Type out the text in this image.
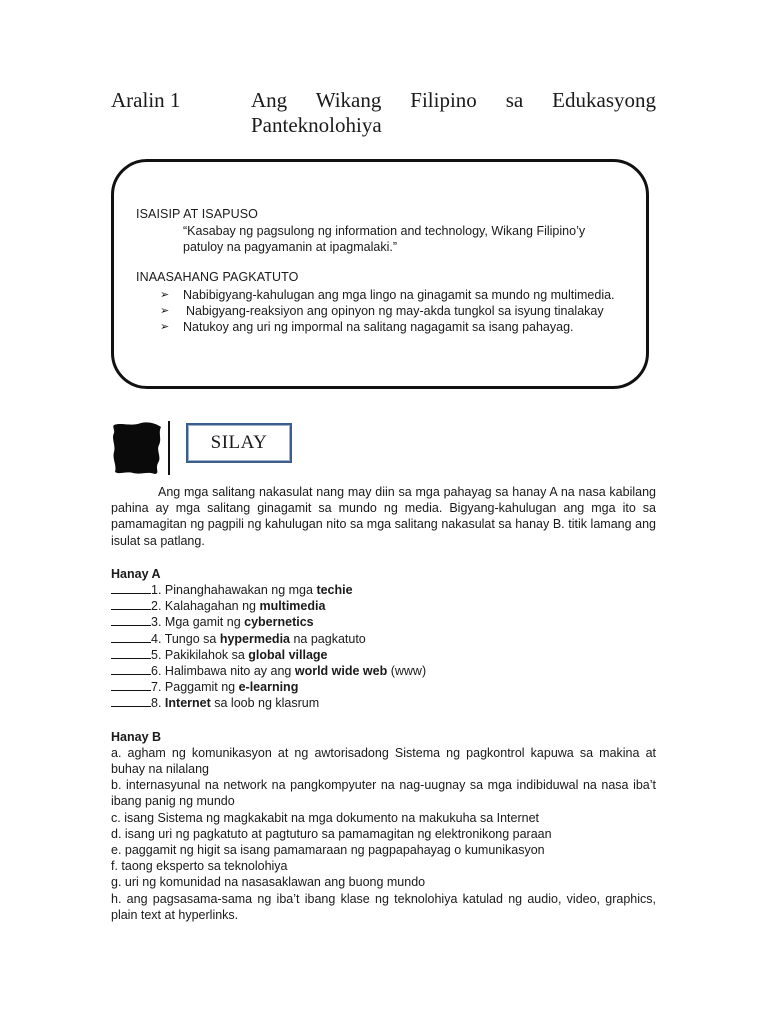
Aralin 1	Ang Wikang Filipino sa Edukasyong
Panteknolohiya
ISAISIP AT ISAPUSO

“Kasabay ng pagsulong ng information and technology, Wikang Filipino’y
patuloy na pagyamanin at ipagmalaki.”

INAASAHANG PAGKATUTO
➢ Nabibigyang-kahulugan ang mga lingo na ginagamit sa mundo ng multimedia.
➢ Nabigyang-reaksiyon ang opinyon ng may-akda tungkol sa isyung tinalakay
➢ Natukoy ang uri ng impormal na salitang nagagamit sa isang pahayag.
SILAY

Ang mga salitang nakasulat nang may diin sa mga pahayag sa hanay A na nasa kabilang pahina ay mga salitang ginagamit sa mundo ng media. Bigyang-kahulugan ang mga ito sa pamamagitan ng pagpili ng kahulugan nito sa mga salitang nakasulat sa hanay B. titik lamang ang isulat sa patlang.

Hanay A
1. Pinanghahawakan ng mga techie
2. Kalahagahan ng multimedia
3. Mga gamit ng cybernetics
4. Tungo sa hypermedia na pagkatuto
5. Pakikilahok sa global village
6. Halimbawa nito ay ang world wide web (www)
7. Paggamit ng e-learning
8. Internet sa loob ng klasrum
Hanay B
a. agham ng komunikasyon at ng awtorisadong Sistema ng pagkontrol kapuwa sa makina at buhay na nilalang
b. internasyunal na network na pangkompyuter na nag-uugnay sa mga indibiduwal na nasa iba’t ibang panig ng mundo
c. isang Sistema ng magkakabit na mga dokumento na makukuha sa Internet
d. isang uri ng pagkatuto at pagtuturo sa pamamagitan ng elektronikong paraan
e. paggamit ng higit sa isang pamamaraan ng pagpapahayag o kumunikasyon
f. taong eksperto sa teknolohiya
g. uri ng komunidad na nasasaklawan ang buong mundo
h. ang pagsasama-sama ng iba’t ibang klase ng teknolohiya katulad ng audio, video, graphics, plain text at hyperlinks.
